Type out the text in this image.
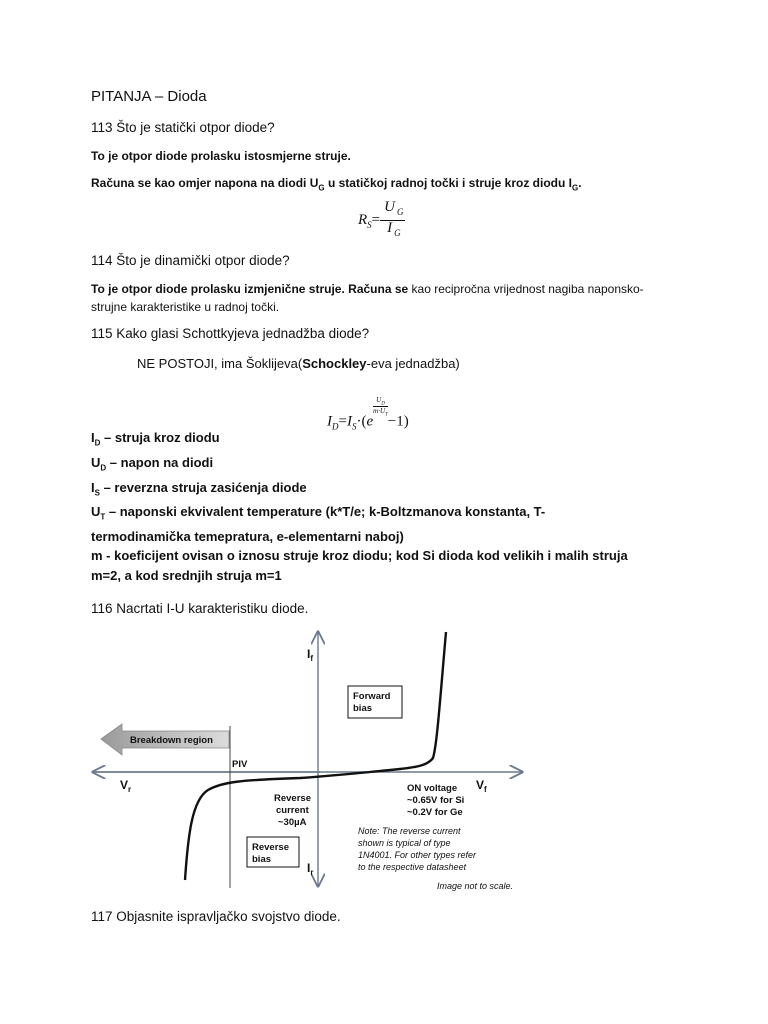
PITANJA – Dioda
113 Što je statički otpor diode?
To je otpor diode prolasku istosmjerne struje.
Računa se kao omjer napona na diodi $U_G$ u statičkoj radnoj točki i struje kroz diodu $I_G$.
$R_S= \frac{U _G}{I _G}$
114 Što je dinamički otpor diode?
To je otpor diode prolasku izmjenične struje. Računa se kao recipročna vrijednost nagiba naponsko-
strujne karakteristike u radnoj točki.
115 Kako glasi Schottkyjeva jednadžba diode?
NE POSTOJI, ima Šoklijeva(Schockley-eva jednadžba)
$I_D=I_S\cdot(e$
$\frac{U_D}{m\cdot U_T}$
−1)
$I_D$ – struja kroz diodu
$U_D$ – napon na diodi
$I_S$ – reverzna struja zasićenja diode
$U_T$ – naponski ekvivalent temperature (k*T/e; k-Boltzmanova konstanta, T-
termodinamička temepratura, e-elementarni naboj)
m - koeficijent ovisan o iznosu struje kroz diodu; kod Si dioda kod velikih i malih struja
m=2, a kod srednjih struja m=1
116 Nacrtati I-U karakteristiku diode.
Breakdown region
$I_f$
$I_r$
$V_r$	$V_f$
Forward
bias
Reverse
bias
PIV
Reverse
current
~30µA
ON voltage
~0.65V for Si
~0.2V for Ge
Note: The reverse current
shown is typical of type
1N4001. For other types refer
to the respective datasheet
Image not to scale.
117 Objasnite ispravljačko svojstvo diode.
